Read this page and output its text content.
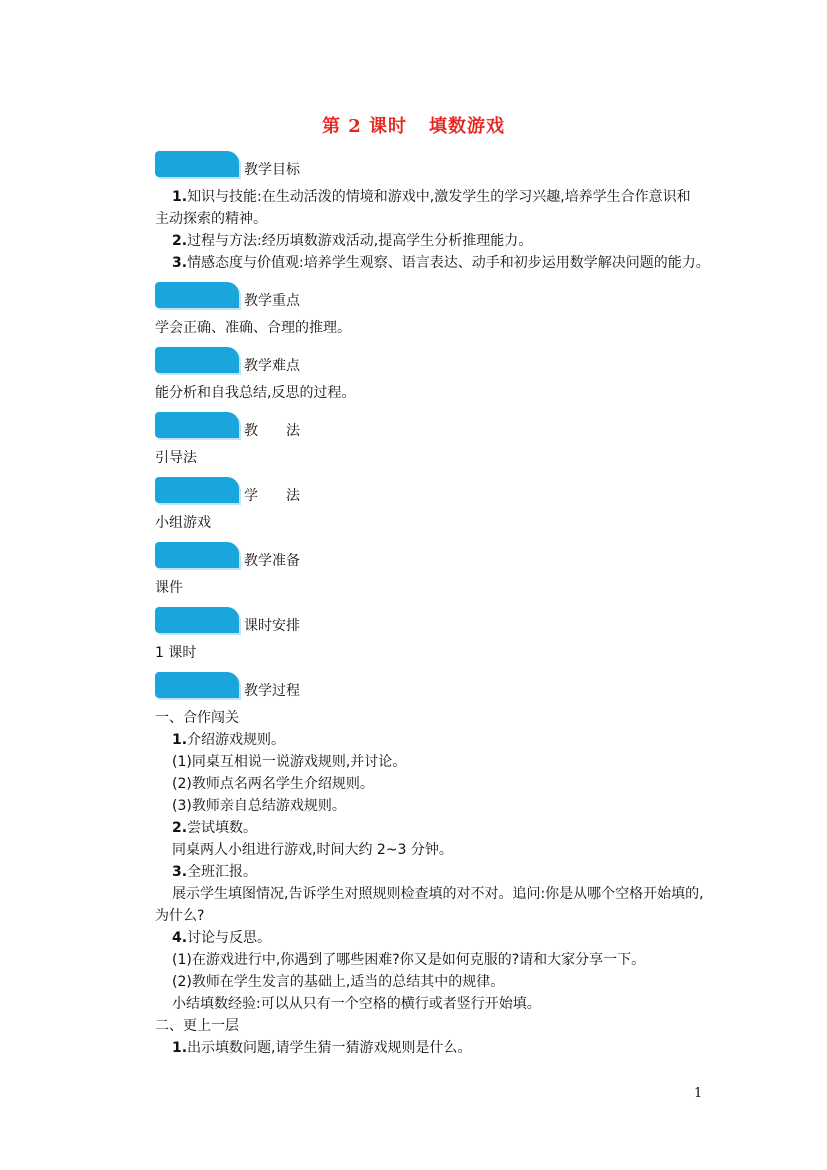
第 2 课时 填数游戏
教学目标
1.知识与技能:在生动活泼的情境和游戏中,激发学生的学习兴趣,培养学生合作意识和
主动探索的精神。
2.过程与方法:经历填数游戏活动,提高学生分析推理能力。
3.情感态度与价值观:培养学生观察、语言表达、动手和初步运用数学解决问题的能力。
教学重点
学会正确、准确、合理的推理。
教学难点
能分析和自我总结,反思的过程。
教　　法
引导法
学　　法
小组游戏
教学准备
课件
课时安排
1 课时
教学过程
一、合作闯关
1.介绍游戏规则。
(1)同桌互相说一说游戏规则,并讨论。
(2)教师点名两名学生介绍规则。
(3)教师亲自总结游戏规则。
2.尝试填数。
同桌两人小组进行游戏,时间大约 2~3 分钟。
3.全班汇报。
展示学生填图情况,告诉学生对照规则检查填的对不对。追问:你是从哪个空格开始填的,
为什么?
4.讨论与反思。
(1)在游戏进行中,你遇到了哪些困难?你又是如何克服的?请和大家分享一下。
(2)教师在学生发言的基础上,适当的总结其中的规律。
小结填数经验:可以从只有一个空格的横行或者竖行开始填。
二、更上一层
1.出示填数问题,请学生猜一猜游戏规则是什么。
1
